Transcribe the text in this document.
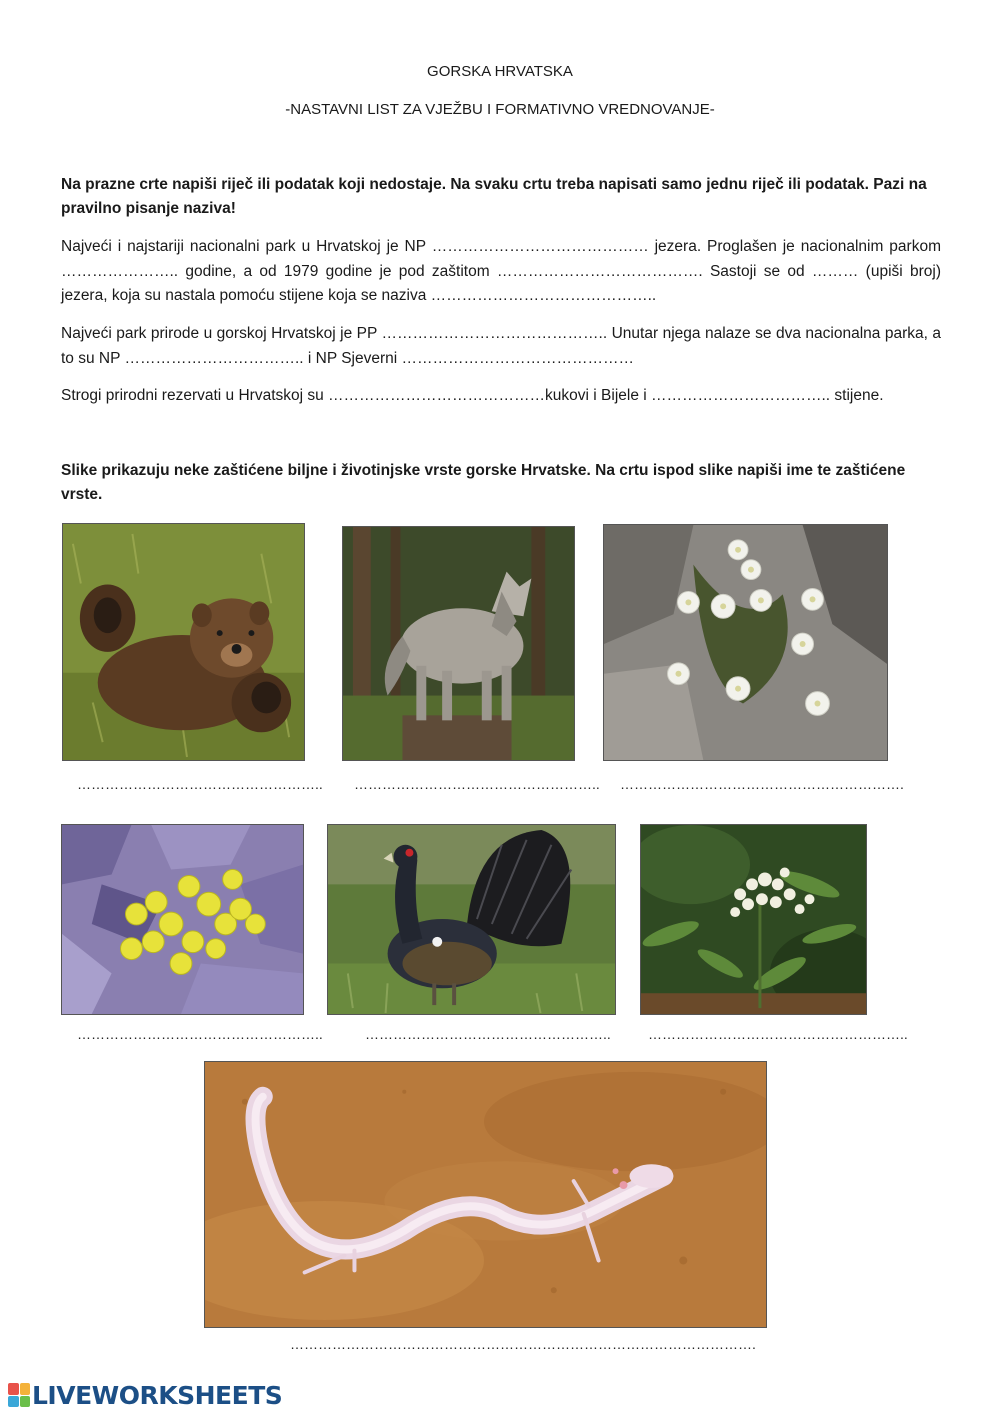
GORSKA HRVATSKA
-NASTAVNI LIST ZA VJEŽBU I FORMATIVNO VREDNOVANJE-
Na prazne crte napiši riječ ili podatak koji nedostaje. Na svaku crtu treba napisati samo jednu riječ ili podatak. Pazi na pravilno pisanje naziva!
Najveći i najstariji nacionalni park u Hrvatskoj je NP …………………………………… jezera. Proglašen je nacionalnim parkom ………………….. godine, a od 1979 godine je pod zaštitom …………………………………. Sastoji se od ……… (upiši broj) jezera, koja su nastala pomoću stijene koja se naziva ……………………………………..
Najveći park prirode u gorskoj Hrvatskoj je PP …………………………………….. Unutar njega nalaze se dva nacionalna parka, a to su NP …………………………….. i NP Sjeverni ………………………………………
Strogi prirodni rezervati u Hrvatskoj su ……………………………………kukovi i Bijele i …………………………….. stijene.
Slike prikazuju neke zaštićene biljne i životinjske vrste gorske Hrvatske. Na crtu ispod slike napiši ime te zaštićene vrste.
…………………………………………….. …………………………………………….. …………………………………………………….
……………………………………………..	……………………………………………..	………………………………………………..
……………………………………………………………………………………….
LIVEWORKSHEETS
